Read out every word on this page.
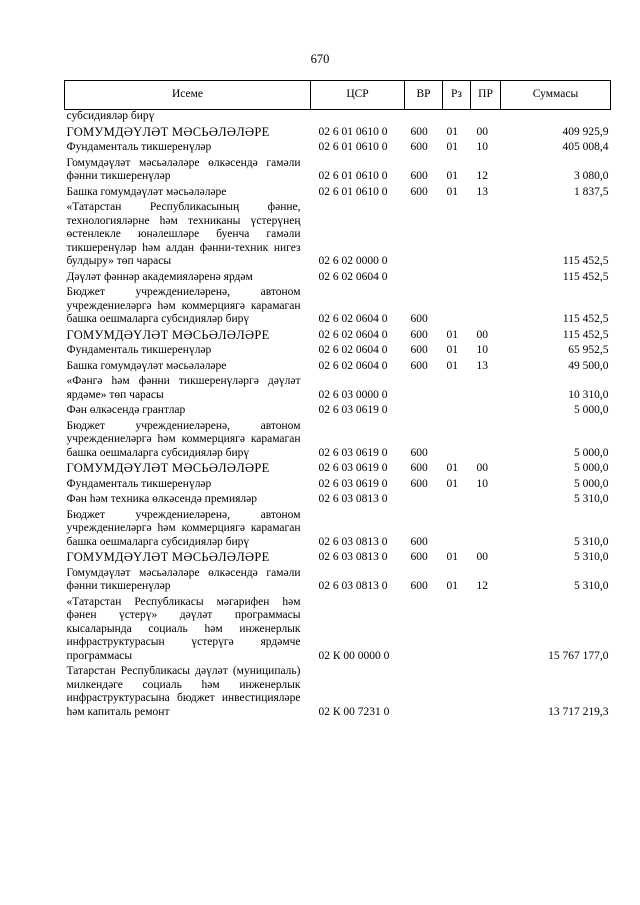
670
Исеме	ЦСР	ВР	Рз	ПР	Суммасы
субсидияләр бирү					
ГОМУМДӘҮЛӘТ МӘСЬӘЛӘЛӘРЕ	02 6 01 0610 0	600	01	00	409 925,9
Фундаменталь тикшеренүләр	02 6 01 0610 0	600	01	10	405 008,4
Гомумдәүләт мәсьәләләре өлкәсендә гамәли фәнни тикшеренүләр	02 6 01 0610 0	600	01	12	3 080,0
Башка гомумдәүләт мәсьәләләре	02 6 01 0610 0	600	01	13	1 837,5
«Татарстан Республикасының фәнне, технологияләрне һәм техниканы үстерүнең өстенлекле юнәлешләре буенча гамәли тикшеренүләр һәм алдан фәнни-техник нигез булдыру» төп чарасы	02 6 02 0000 0				115 452,5
Дәүләт фәннәр академияләренә ярдәм	02 6 02 0604 0				115 452,5
Бюджет учреждениеләренә, автоном учреждениеләргә һәм коммерциягә карамаган башка оешмаларга субсидияләр бирү	02 6 02 0604 0	600			115 452,5
ГОМУМДӘҮЛӘТ МӘСЬӘЛӘЛӘРЕ	02 6 02 0604 0	600	01	00	115 452,5
Фундаменталь тикшеренүләр	02 6 02 0604 0	600	01	10	65 952,5
Башка гомумдәүләт мәсьәләләре	02 6 02 0604 0	600	01	13	49 500,0
«Фәнгә һәм фәнни тикшеренүләргә дәүләт ярдәме» төп чарасы	02 6 03 0000 0				10 310,0
Фән өлкәсендә грантлар	02 6 03 0619 0				5 000,0
Бюджет учреждениеләренә, автоном учреждениеләргә һәм коммерциягә карамаган башка оешмаларга субсидияләр бирү	02 6 03 0619 0	600			5 000,0
ГОМУМДӘҮЛӘТ МӘСЬӘЛӘЛӘРЕ	02 6 03 0619 0	600	01	00	5 000,0
Фундаменталь тикшеренүләр	02 6 03 0619 0	600	01	10	5 000,0
Фән һәм техника өлкәсендә премияләр	02 6 03 0813 0				5 310,0
Бюджет учреждениеләренә, автоном учреждениеләргә һәм коммерциягә карамаган башка оешмаларга субсидияләр бирү	02 6 03 0813 0	600			5 310,0
ГОМУМДӘҮЛӘТ МӘСЬӘЛӘЛӘРЕ	02 6 03 0813 0	600	01	00	5 310,0
Гомумдәүләт мәсьәләләре өлкәсендә гамәли фәнни тикшеренүләр	02 6 03 0813 0	600	01	12	5 310,0
«Татарстан Республикасы мәгарифен һәм фәнен үстерү» дәүләт программасы кысаларында социаль һәм инженерлык инфраструктурасын үстерүгә ярдәмче программасы	02 К 00 0000 0				15 767 177,0
Татарстан Республикасы дәүләт (муниципаль) милкендәге социаль һәм инженерлык инфраструктурасына бюджет инвестицияләре һәм капиталь ремонт	02 К 00 7231 0				13 717 219,3
